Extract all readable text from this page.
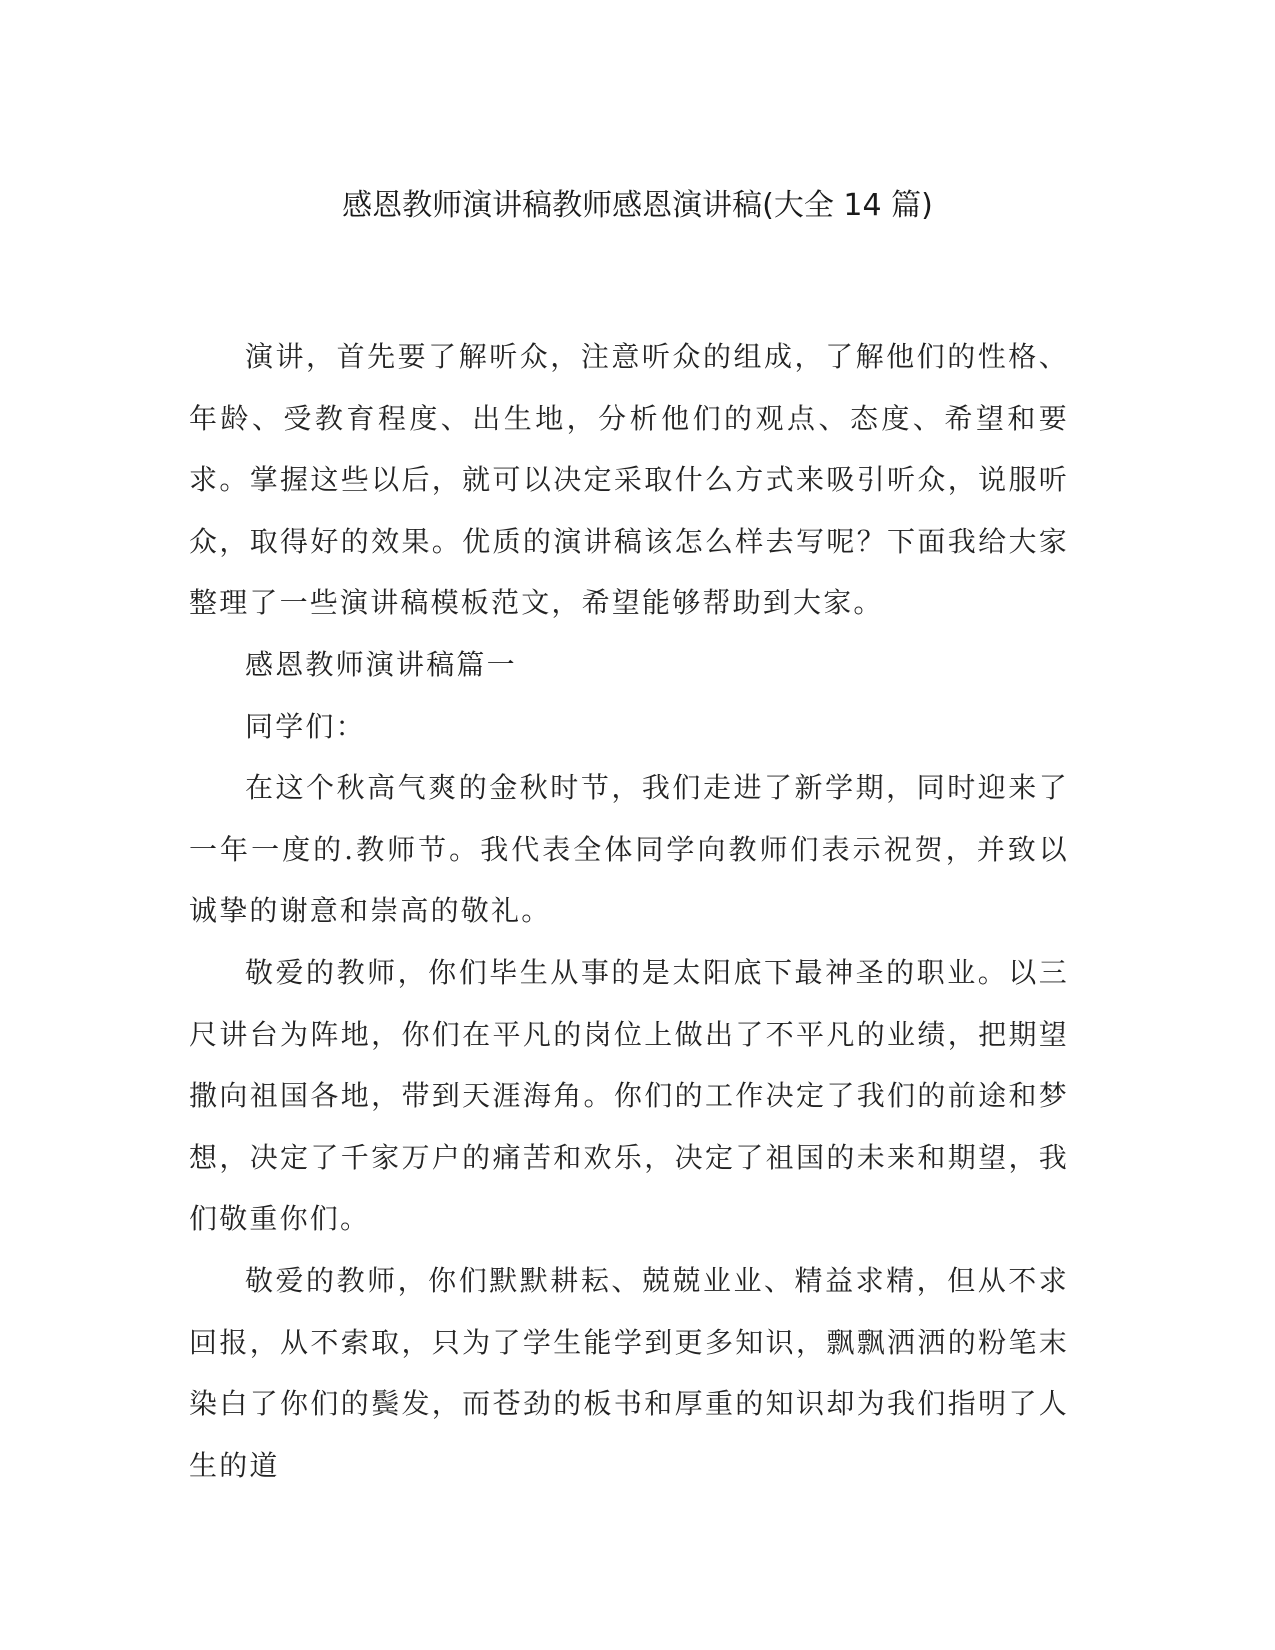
感恩教师演讲稿教师感恩演讲稿(大全 14 篇)

演讲，首先要了解听众，注意听众的组成，了解他们的性格、年龄、受教育程度、出生地，分析他们的观点、态度、希望和要求。掌握这些以后，就可以决定采取什么方式来吸引听众，说服听众，取得好的效果。优质的演讲稿该怎么样去写呢？下面我给大家整理了一些演讲稿模板范文，希望能够帮助到大家。

感恩教师演讲稿篇一

同学们：

在这个秋高气爽的金秋时节，我们走进了新学期，同时迎来了一年一度的.教师节。我代表全体同学向教师们表示祝贺，并致以诚挚的谢意和崇高的敬礼。

敬爱的教师，你们毕生从事的是太阳底下最神圣的职业。以三尺讲台为阵地，你们在平凡的岗位上做出了不平凡的业绩，把期望撒向祖国各地，带到天涯海角。你们的工作决定了我们的前途和梦想，决定了千家万户的痛苦和欢乐，决定了祖国的未来和期望，我们敬重你们。

敬爱的教师，你们默默耕耘、兢兢业业、精益求精，但从不求回报，从不索取，只为了学生能学到更多知识，飘飘洒洒的粉笔末染白了你们的鬓发，而苍劲的板书和厚重的知识却为我们指明了人生的道
